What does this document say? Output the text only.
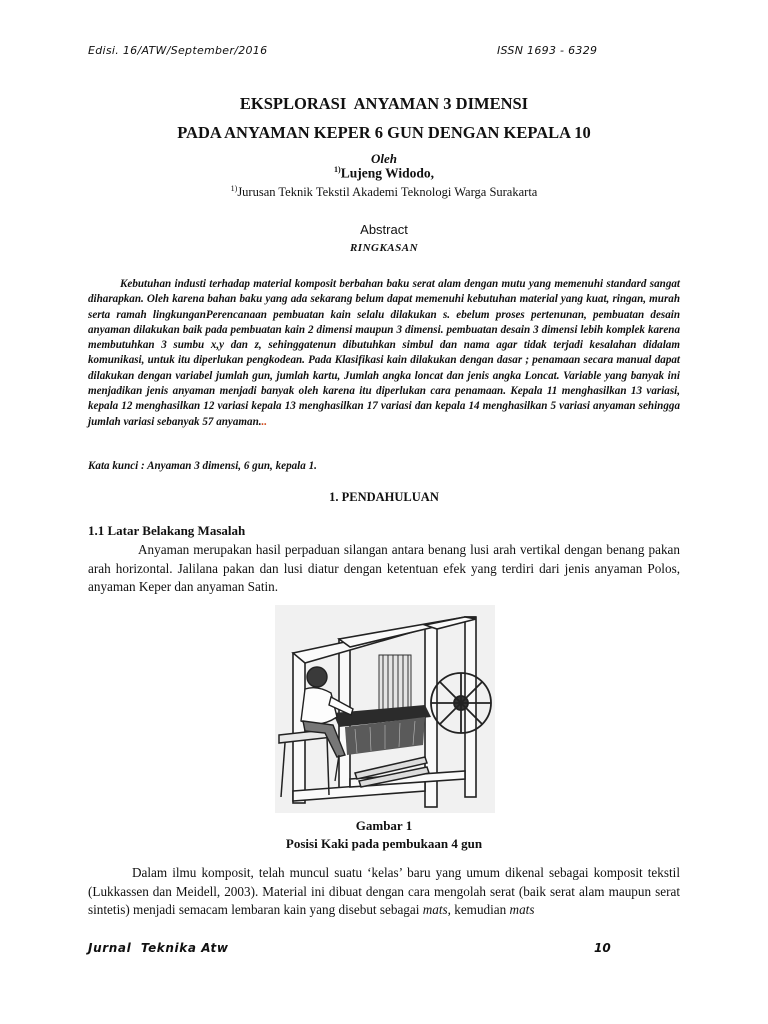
Edisi. 16/ATW/September/2016	ISSN 1693 - 6329
EKSPLORASI  ANYAMAN 3 DIMENSI
PADA ANYAMAN KEPER 6 GUN DENGAN KEPALA 10
Oleh
$^{1)}$Lujeng Widodo,
$^{1)}$Jurusan Teknik Tekstil Akademi Teknologi Warga Surakarta
Abstract
RINGKASAN

Kebutuhan industi terhadap material komposit berbahan baku serat alam dengan mutu yang memenuhi standard sangat diharapkan. Oleh karena bahan baku yang ada sekarang belum dapat memenuhi kebutuhan material yang kuat, ringan, murah serta ramah lingkunganPerencanaan pembuatan kain selalu dilakukan s. ebelum proses pertenunan, pembuatan desain anyaman dilakukan baik pada pembuatan kain 2 dimensi maupun 3 dimensi. pembuatan desain 3 dimensi lebih komplek karena membutuhkan 3 sumbu x,y dan z, sehinggatenun dibutuhkan simbul dan nama agar tidak terjadi kesalahan didalam komunikasi, untuk itu diperlukan pengkodean. Pada Klasifikasi kain dilakukan dengan dasar ; penamaan secara manual dapat dilakukan dengan variabel jumlah gun, jumlah kartu, Jumlah angka loncat dan jenis angka Loncat. Variable yang banyak ini menjadikan jenis anyaman menjadi banyak oleh karena itu diperlukan cara penamaan. Kepala 11 menghasilkan 13 variasi, kepala 12 menghasilkan 12 variasi kepala 13 menghasilkan 17 variasi dan kepala 14 menghasilkan 5 variasi anyaman sehingga jumlah variasi sebanyak 57 anyaman...

Kata kunci : Anyaman 3 dimensi, 6 gun, kepala 1.
1. PENDAHULUAN
1.1 Latar Belakang Masalah

Anyaman merupakan hasil perpaduan silangan antara benang lusi arah vertikal dengan benang pakan arah horizontal. Jalilana pakan dan lusi diatur dengan ketentuan efek yang terdiri dari jenis anyaman Polos, anyaman Keper dan anyaman Satin.

Gambar 1
Posisi Kaki pada pembukaan 4 gun

Dalam ilmu komposit, telah muncul suatu ‘kelas’ baru yang umum dikenal sebagai komposit tekstil (Lukkassen dan Meidell, 2003). Material ini dibuat dengan cara mengolah serat (baik serat alam maupun serat sintetis) menjadi semacam lembaran kain yang disebut sebagai mats, kemudian mats

Jurnal  Teknika Atw	10
